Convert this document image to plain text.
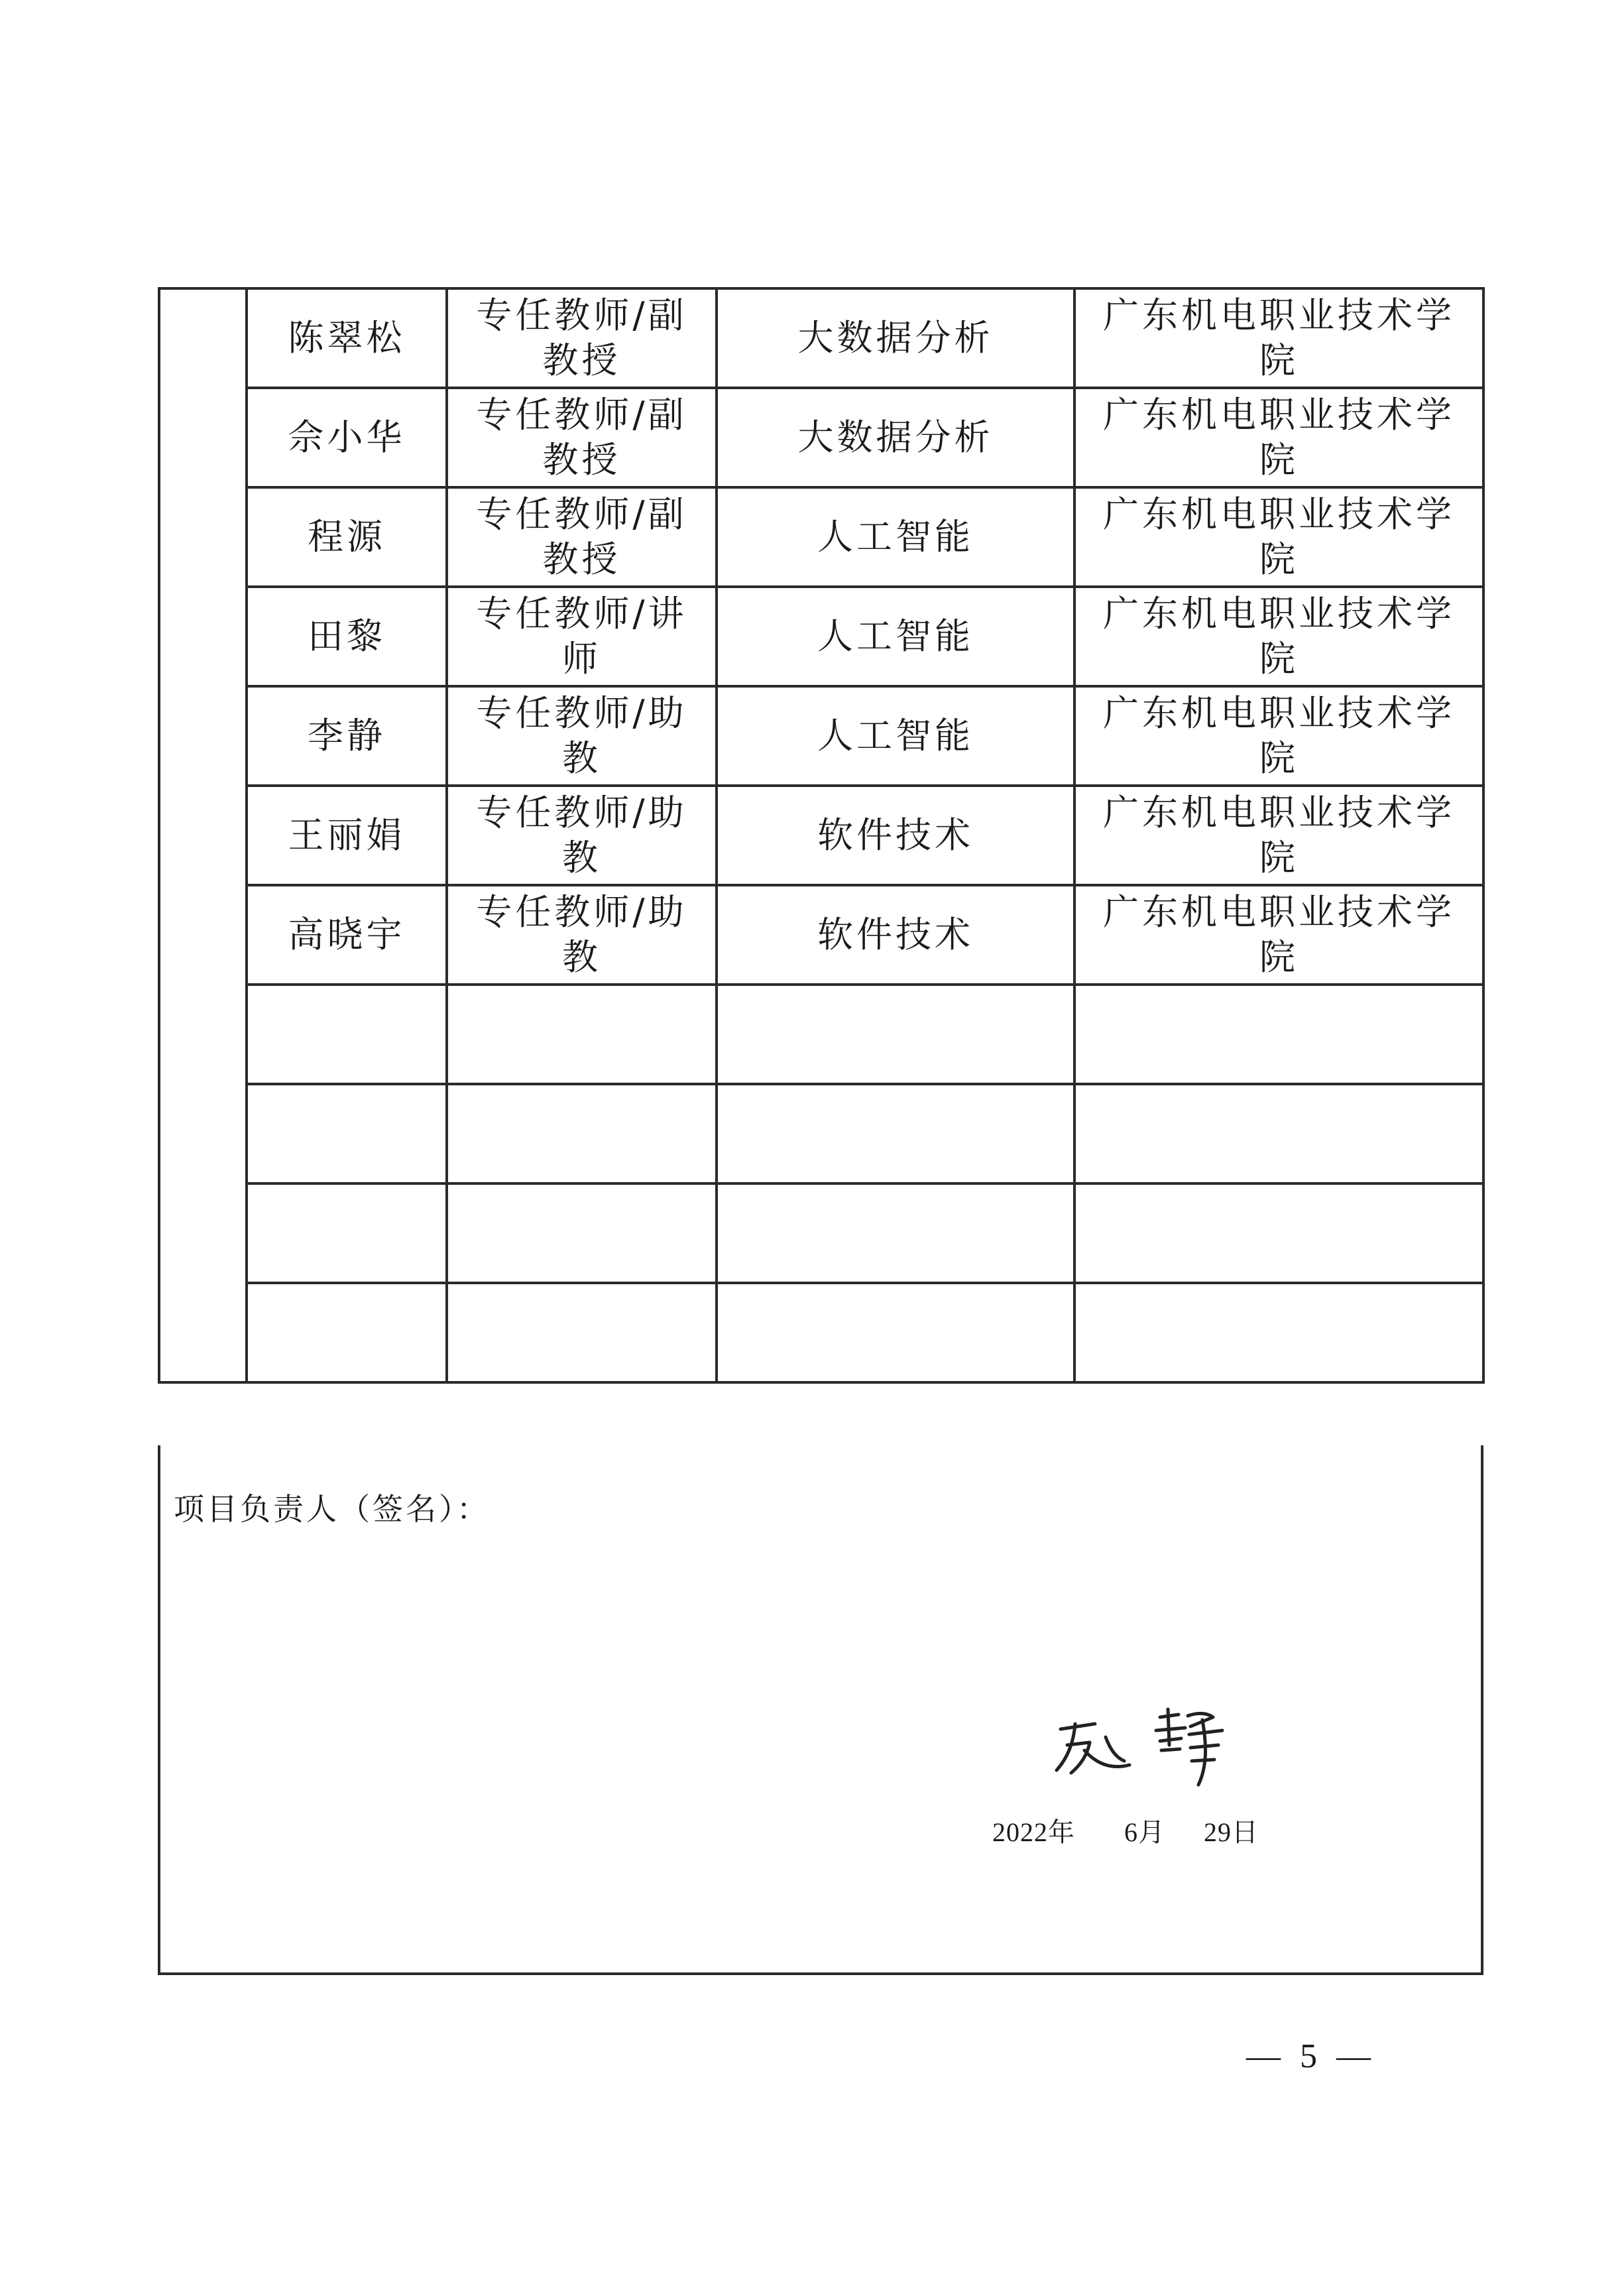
	陈翠松	专任教师/副教授	大数据分析	广东机电职业技术学院
	佘小华	专任教师/副教授	大数据分析	广东机电职业技术学院
	程源	专任教师/副教授	人工智能	广东机电职业技术学院
	田黎	专任教师/讲师	人工智能	广东机电职业技术学院
	李静	专任教师/助教	人工智能	广东机电职业技术学院
	王丽娟	专任教师/助教	软件技术	广东机电职业技术学院
	高晓宇	专任教师/助教	软件技术	广东机电职业技术学院

项目负责人（签名）：
2022年 6月 29日
— 5 —
